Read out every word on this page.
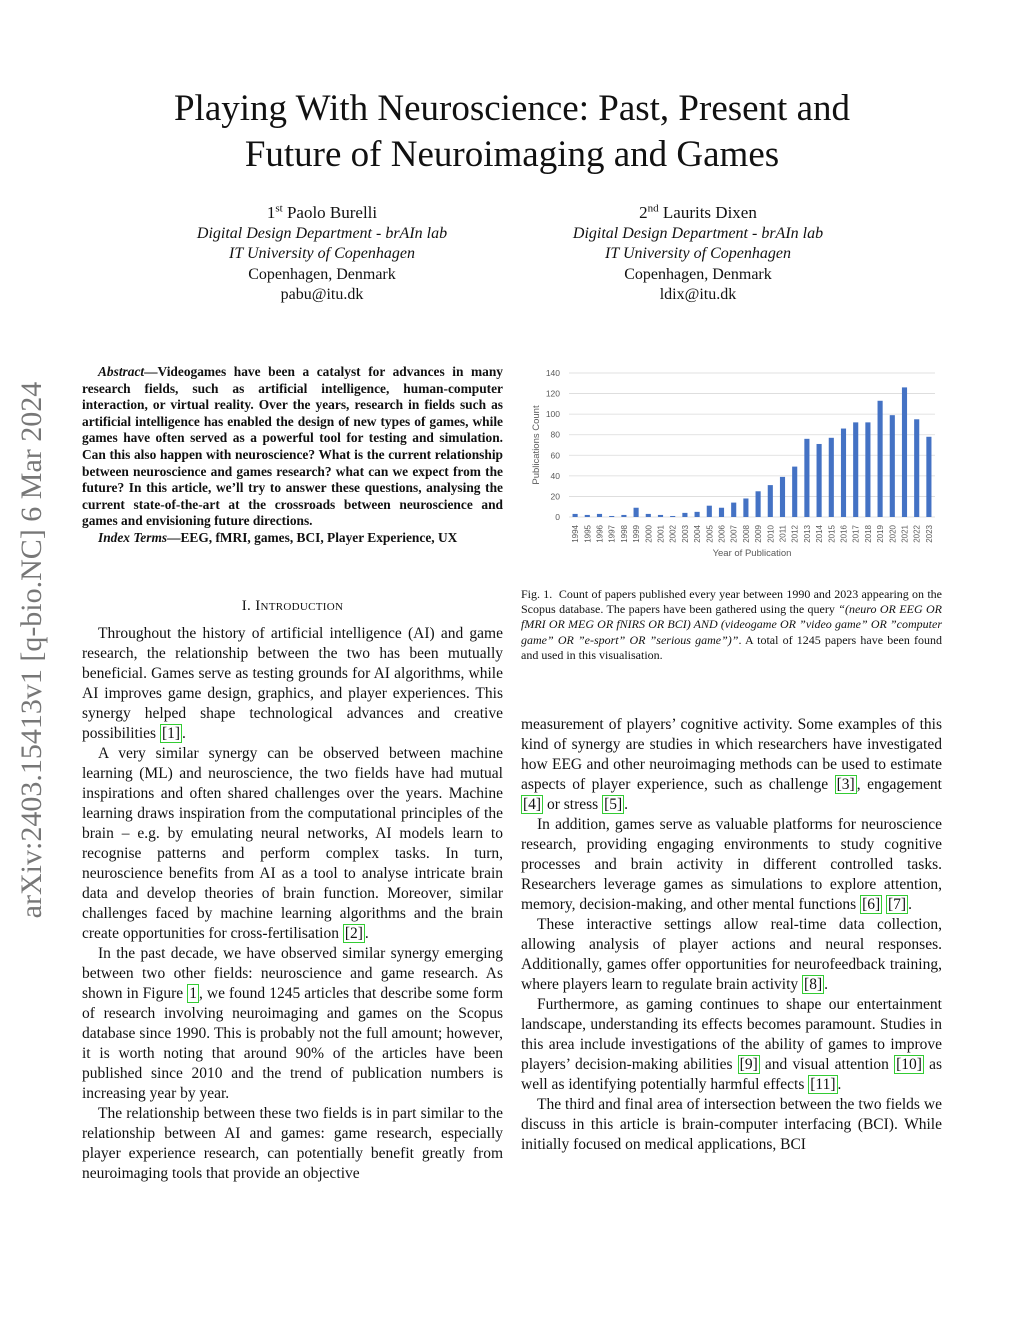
Playing With Neuroscience: Past, Present and
Future of Neuroimaging and Games
1st Paolo Burelli
Digital Design Department - brAIn lab
IT University of Copenhagen
Copenhagen, Denmark
pabu@itu.dk
2nd Laurits Dixen
Digital Design Department - brAIn lab
IT University of Copenhagen
Copenhagen, Denmark
ldix@itu.dk
arXiv:2403.15413v1 [q-bio.NC] 6 Mar 2024

Abstract—Videogames have been a catalyst for advances in many research fields, such as artificial intelligence, human-computer interaction, or virtual reality. Over the years, research in fields such as artificial intelligence has enabled the design of new types of games, while games have often served as a powerful tool for testing and simulation. Can this also happen with neuroscience? What is the current relationship between neuroscience and games research? what can we expect from the future? In this article, we’ll try to answer these questions, analysing the current state-of-the-art at the crossroads between neuroscience and games and envisioning future directions.

Index Terms—EEG, fMRI, games, BCI, Player Experience, UX

I. Introduction

Throughout the history of artificial intelligence (AI) and game research, the relationship between the two has been mutually beneficial. Games serve as testing grounds for AI algorithms, while AI improves game design, graphics, and player experiences. This synergy helped shape technological advances and creative possibilities [1] .

A very similar synergy can be observed between machine learning (ML) and neuroscience, the two fields have had mutual inspirations and often shared challenges over the years. Machine learning draws inspiration from the computational principles of the brain – e.g. by emulating neural networks, AI models learn to recognise patterns and perform complex tasks. In turn, neuroscience benefits from AI as a tool to analyse intricate brain data and develop theories of brain function. Moreover, similar challenges faced by machine learning algorithms and the brain create opportunities for cross-fertilisation [2] .

In the past decade, we have observed similar synergy emerging between two other fields: neuroscience and game research. As shown in Figure 1 , we found 1245 articles that describe some form of research involving neuroimaging and games on the Scopus database since 1990. This is probably not the full amount; however, it is worth noting that around 90% of the articles have been published since 2010 and the trend of publication numbers is increasing year by year.

The relationship between these two fields is in part similar to the relationship between AI and games: game research, especially player experience research, can potentially benefit greatly from neuroimaging tools that provide an objective

0
20
40
60
80
100
120
140
1994 1995 1996 1997 1998 1999 2000 2001 2002 2003 2004 2005 2006 2007 2008 2009 2010 2011 2012 2013 2014 2015 2016 2017 2018 2019 2020 2021 2022 2023
Year of Publication
Publications Count
Fig. 1. Count of papers published every year between 1990 and 2023 appearing on the Scopus database. The papers have been gathered using the query “(neuro OR EEG OR fMRI OR MEG OR fNIRS OR BCI) AND (videogame OR ”video game” OR ”computer game” OR ”e-sport” OR ”serious game”)”. A total of 1245 papers have been found and used in this visualisation.

measurement of players’ cognitive activity. Some examples of this kind of synergy are studies in which researchers have investigated how EEG and other neuroimaging methods can be used to estimate aspects of player experience, such as challenge [3] , engagement [4] or stress [5] .

In addition, games serve as valuable platforms for neuroscience research, providing engaging environments to study cognitive processes and brain activity in different controlled tasks. Researchers leverage games as simulations to explore attention, memory, decision-making, and other mental functions [6] [7] .

These interactive settings allow real-time data collection, allowing analysis of player actions and neural responses. Additionally, games offer opportunities for neurofeedback training, where players learn to regulate brain activity [8] .

Furthermore, as gaming continues to shape our entertainment landscape, understanding its effects becomes paramount. Studies in this area include investigations of the ability of games to improve players’ decision-making abilities [9] and visual attention [10] as well as identifying potentially harmful effects [11] .

The third and final area of intersection between the two fields we discuss in this article is brain-computer interfacing (BCI). While initially focused on medical applications, BCI
